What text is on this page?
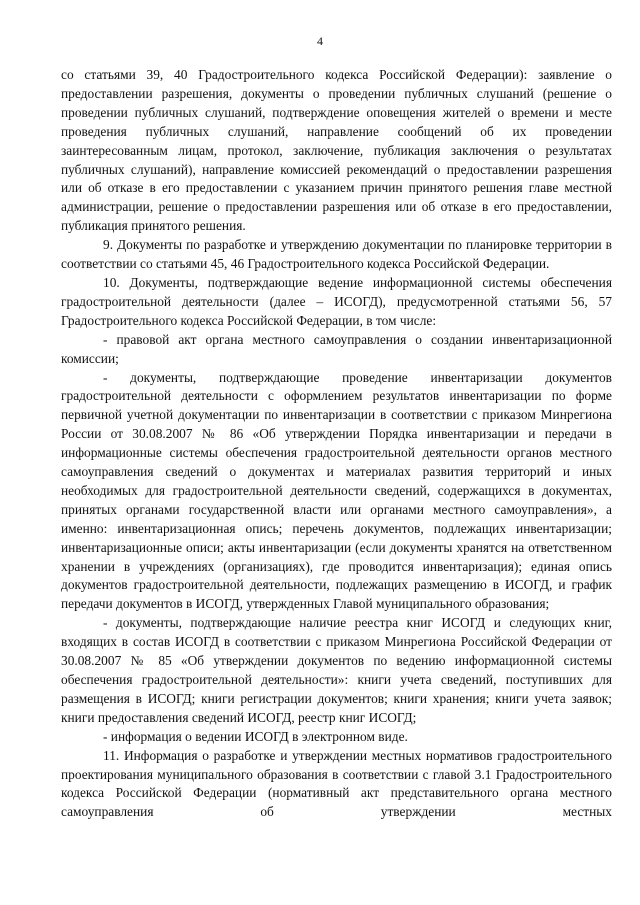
4

со статьями 39, 40 Градостроительного кодекса Российской Федерации): заявление о предоставлении разрешения, документы о проведении публичных слушаний (решение о проведении публичных слушаний, подтверждение оповещения жителей о времени и месте проведения публичных слушаний, направление сообщений об их проведении заинтересованным лицам, протокол, заключение, публикация заключения о результатах публичных слушаний), направление комиссией рекомендаций о предоставлении разрешения или об отказе в его предоставлении с указанием причин принятого решения главе местной администрации, решение о предоставлении разрешения или об отказе в его предоставлении, публикация принятого решения.

9. Документы по разработке и утверждению документации по планировке территории в соответствии со статьями 45, 46 Градостроительного кодекса Российской Федерации.

10. Документы, подтверждающие ведение информационной системы обеспечения градостроительной деятельности (далее – ИСОГД), предусмотренной статьями 56, 57 Градостроительного кодекса Российской Федерации, в том числе:

- правовой акт органа местного самоуправления о создании инвентаризационной комиссии;

- документы, подтверждающие проведение инвентаризации документов градостроительной деятельности с оформлением результатов инвентаризации по форме первичной учетной документации по инвентаризации в соответствии с приказом Минрегиона России от 30.08.2007 № 86 «Об утверждении Порядка инвентаризации и передачи в информационные системы обеспечения градостроительной деятельности органов местного самоуправления сведений о документах и материалах развития территорий и иных необходимых для градостроительной деятельности сведений, содержащихся в документах, принятых органами государственной власти или органами местного самоуправления», а именно: инвентаризационная опись; перечень документов, подлежащих инвентаризации; инвентаризационные описи; акты инвентаризации (если документы хранятся на ответственном хранении в учреждениях (организациях), где проводится инвентаризация); единая опись документов градостроительной деятельности, подлежащих размещению в ИСОГД, и график передачи документов в ИСОГД, утвержденных Главой муниципального образования;

- документы, подтверждающие наличие реестра книг ИСОГД и следующих книг, входящих в состав ИСОГД в соответствии с приказом Минрегиона Российской Федерации от 30.08.2007 № 85 «Об утверждении документов по ведению информационной системы обеспечения градостроительной деятельности»: книги учета сведений, поступивших для размещения в ИСОГД; книги регистрации документов; книги хранения; книги учета заявок; книги предоставления сведений ИСОГД, реестр книг ИСОГД;

- информация о ведении ИСОГД в электронном виде.

11. Информация о разработке и утверждении местных нормативов градостроительного проектирования муниципального образования в соответствии с главой 3.1 Градостроительного кодекса Российской Федерации (нормативный акт представительного органа местного самоуправления об утверждении местных
